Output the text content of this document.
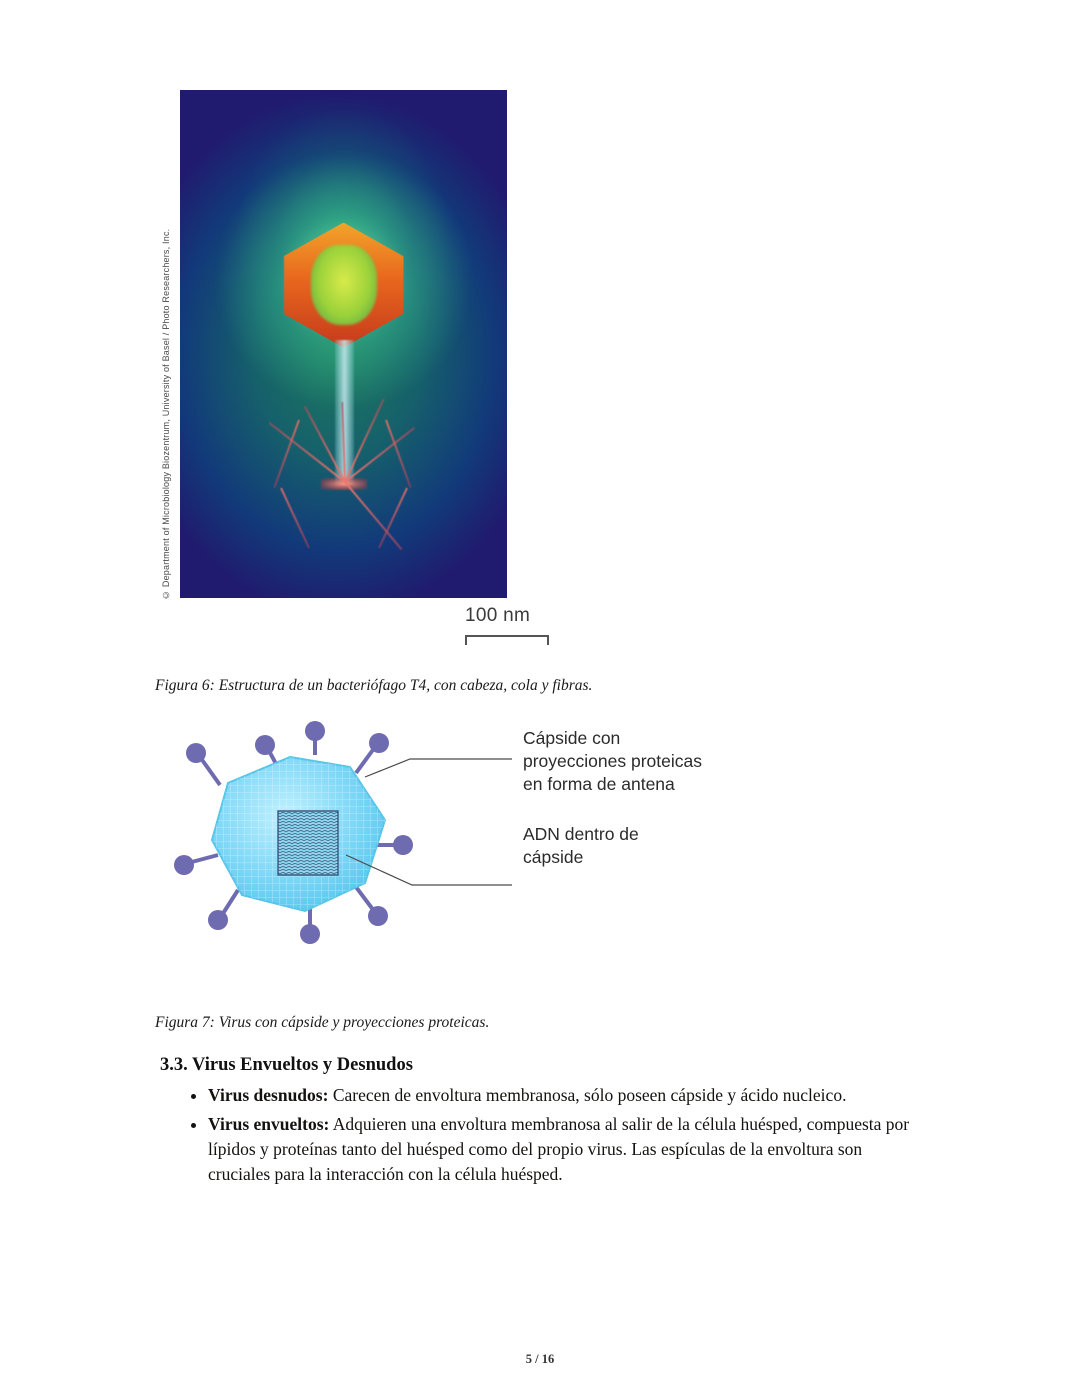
© Department of Microbiology Biozentrum, University of Basel / Photo Researchers, Inc.
100 nm
Figura 6: Estructura de un bacteriófago T4, con cabeza, cola y fibras.
Cápside con proyecciones proteicas en forma de antena
ADN dentro de cápside
Figura 7: Virus con cápside y proyecciones proteicas.
3.3. Virus Envueltos y Desnudos
• Virus desnudos: Carecen de envoltura membranosa, sólo poseen cápside y ácido nucleico.
• Virus envueltos: Adquieren una envoltura membranosa al salir de la célula huésped, compuesta por lípidos y proteínas tanto del huésped como del propio virus. Las espículas de la envoltura son cruciales para la interacción con la célula huésped.
5 / 16
